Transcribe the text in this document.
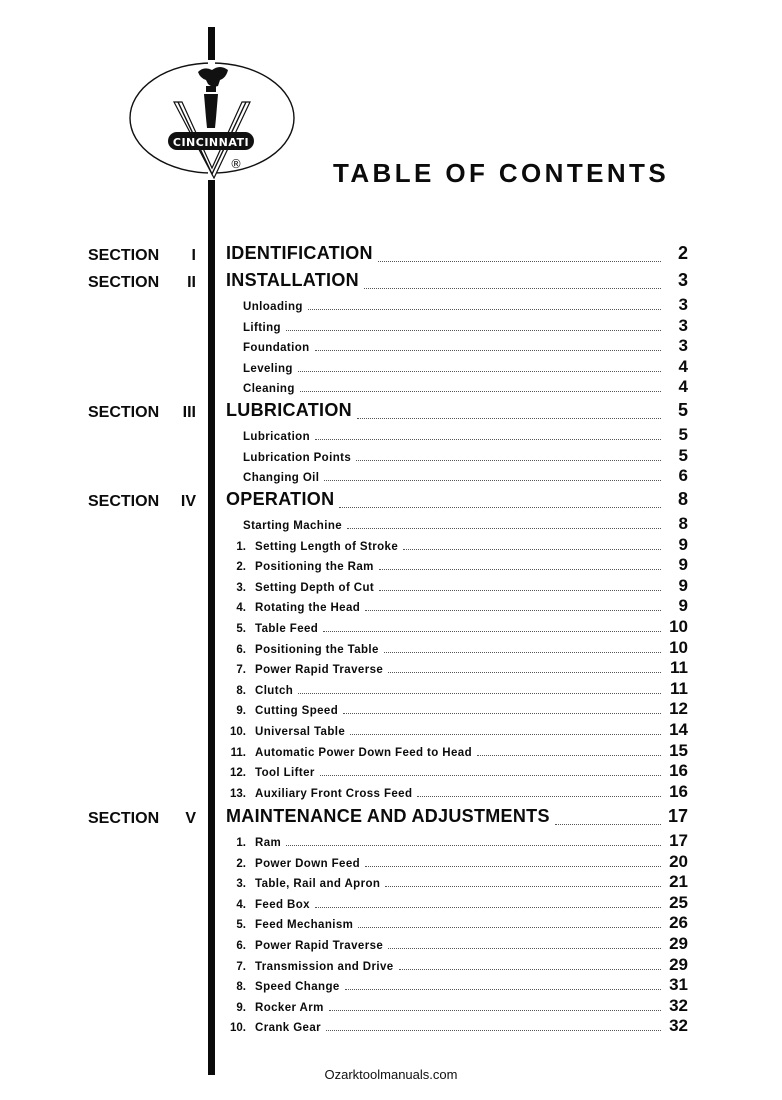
CINCINNATI
®	TABLE OF CONTENTS
SECTION I IDENTIFICATION	2
SECTION II INSTALLATION	3
Unloading	3
Lifting	3
Foundation	3
Leveling	4
Cleaning	4
SECTION III LUBRICATION	5
Lubrication	5
Lubrication Points	5
Changing Oil	6
SECTION IV OPERATION	8
Starting Machine	8
1. Setting Length of Stroke	9
2. Positioning the Ram	9
3. Setting Depth of Cut	9
4. Rotating the Head	9
5. Table Feed	10
6. Positioning the Table	10
7. Power Rapid Traverse	11
8. Clutch	11
9. Cutting Speed	12
10. Universal Table	14
11. Automatic Power Down Feed to Head	15
12. Tool Lifter	16
13. Auxiliary Front Cross Feed	16
SECTION V MAINTENANCE AND ADJUSTMENTS	17
1. Ram	17
2. Power Down Feed	20
3. Table, Rail and Apron	21
4. Feed Box	25
5. Feed Mechanism	26
6. Power Rapid Traverse	29
7. Transmission and Drive	29
8. Speed Change	31
9. Rocker Arm	32
10. Crank Gear	32
Ozarktoolmanuals.com
